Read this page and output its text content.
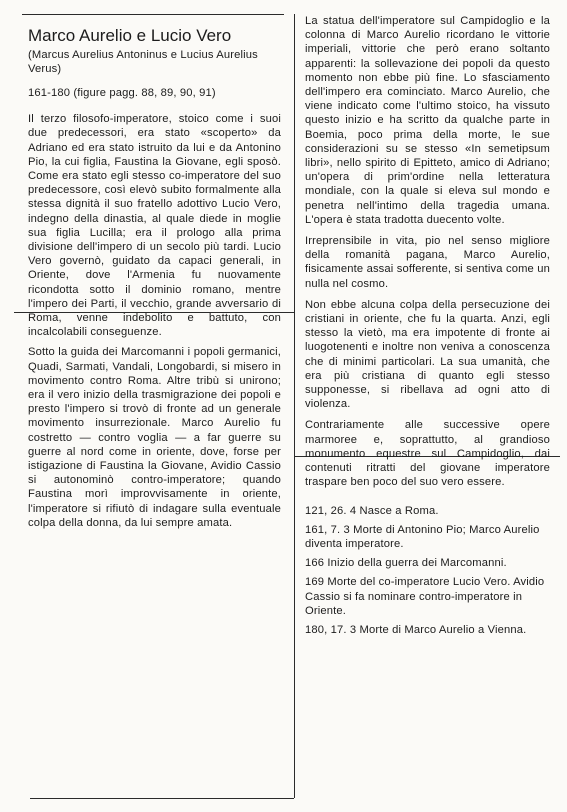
Marco Aurelio e Lucio Vero
(Marcus Aurelius Antoninus e Lucius Aurelius Verus)
161-180 (figure pagg. 88, 89, 90, 91)

Il terzo filosofo-imperatore, stoico come i suoi due predecessori, era stato «scoperto» da Adriano ed era stato istruito da lui e da Antonino Pio, la cui figlia, Faustina la Giovane, egli sposò. Come era stato egli stesso co-imperatore del suo predecessore, così elevò subito formalmente alla stessa dignità il suo fratello adottivo Lucio Vero, indegno della dinastia, al quale diede in moglie sua figlia Lucilla; era il prologo alla prima divisione dell'impero di un secolo più tardi. Lucio Vero governò, guidato da capaci generali, in Oriente, dove l'Armenia fu nuovamente ricondotta sotto il dominio romano, mentre l'impero dei Parti, il vecchio, grande avversario di Roma, venne indebolito e battuto, con incalcolabili conseguenze.

Sotto la guida dei Marcomanni i popoli germanici, Quadi, Sarmati, Vandali, Longobardi, si misero in movimento contro Roma. Altre tribù si unirono; era il vero inizio della trasmigrazione dei popoli e presto l'impero si trovò di fronte ad un generale movimento insurrezionale. Marco Aurelio fu costretto — contro voglia — a far guerre su guerre al nord come in oriente, dove, forse per istigazione di Faustina la Giovane, Avidio Cassio si autonominò contro-imperatore; quando Faustina morì improvvisamente in oriente, l'imperatore si rifiutò di indagare sulla eventuale colpa della donna, da lui sempre amata.

La statua dell'imperatore sul Campidoglio e la colonna di Marco Aurelio ricordano le vittorie imperiali, vittorie che però erano soltanto apparenti: la sollevazione dei popoli da questo momento non ebbe più fine. Lo sfasciamento dell'impero era cominciato. Marco Aurelio, che viene indicato come l'ultimo stoico, ha vissuto questo inizio e ha scritto da qualche parte in Boemia, poco prima della morte, le sue considerazioni su se stesso «In semetipsum libri», nello spirito di Epitteto, amico di Adriano; un'opera di prim'ordine nella letteratura mondiale, con la quale si eleva sul mondo e penetra nell'intimo della tragedia umana. L'opera è stata tradotta duecento volte.

Irreprensibile in vita, pio nel senso migliore della romanità pagana, Marco Aurelio, fisicamente assai sofferente, si sentiva come un nulla nel cosmo.

Non ebbe alcuna colpa della persecuzione dei cristiani in oriente, che fu la quarta. Anzi, egli stesso la vietò, ma era impotente di fronte ai luogotenenti e inoltre non veniva a conoscenza che di minimi particolari. La sua umanità, che era più cristiana di quanto egli stesso supponesse, si ribellava ad ogni atto di violenza.

Contrariamente alle successive opere marmoree e, soprattutto, al grandioso monumento equestre sul Campidoglio, dai contenuti ritratti del giovane imperatore traspare ben poco del suo vero essere.

121, 26. 4 Nasce a Roma.
161, 7. 3 Morte di Antonino Pio; Marco Aurelio diventa imperatore.
166 Inizio della guerra dei Marcomanni.
169 Morte del co-imperatore Lucio Vero. Avidio Cassio si fa nominare contro-imperatore in Oriente.
180, 17. 3 Morte di Marco Aurelio a Vienna.
